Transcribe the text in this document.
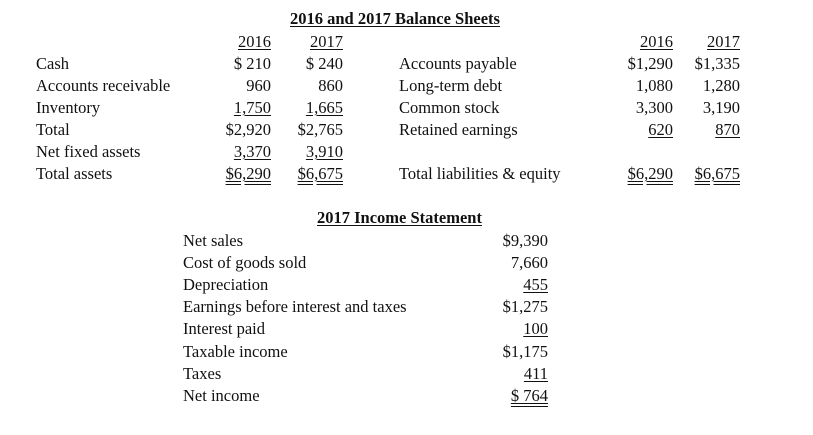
2016 and 2017 Balance Sheets
2016	2017	2016	2017
Cash	$ 210	$ 240
Accounts receivable	960	860
Inventory	1,750	1,665
Total	$2,920	$2,765
Net fixed assets	3,370	3,910
Total assets	$6,290	$6,675
Accounts payable	$1,290	$1,335
Long-term debt	1,080	1,280
Common stock	3,300	3,190
Retained earnings	620	870
Total liabilities & equity	$6,290	$6,675
2017 Income Statement
Net sales	$9,390
Cost of goods sold	7,660
Depreciation	455
Earnings before interest and taxes	$1,275
Interest paid	100
Taxable income	$1,175
Taxes	411
Net income	$ 764
